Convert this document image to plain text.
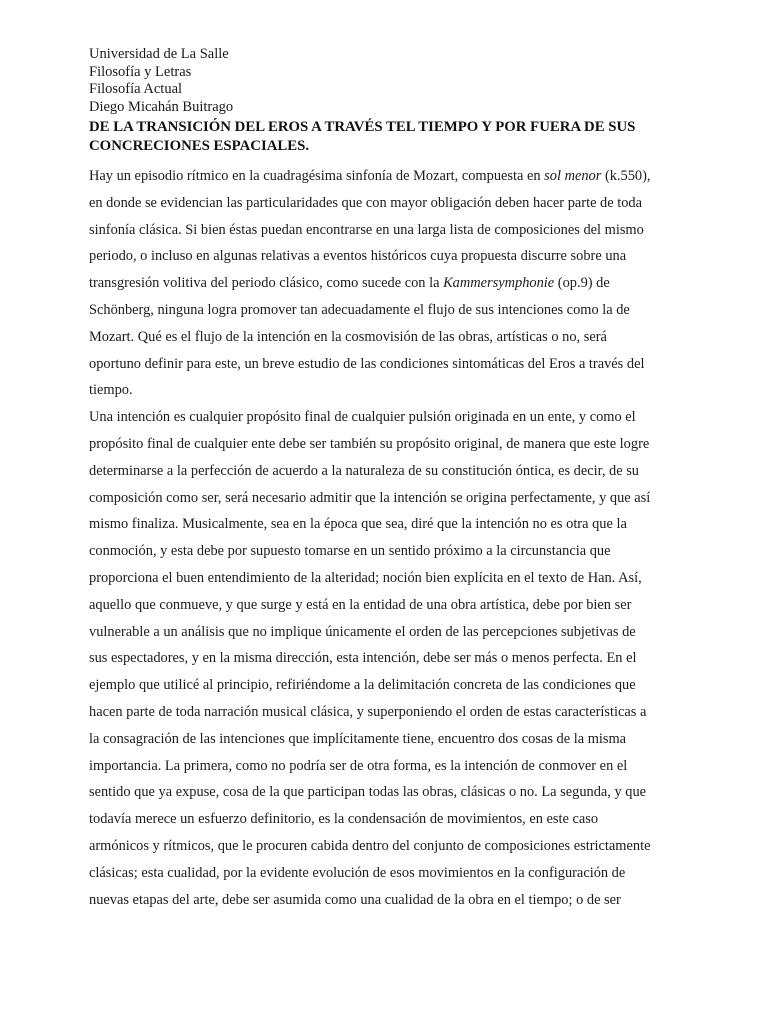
Universidad de La Salle
Filosofía y Letras
Filosofía Actual
Diego Micahán Buitrago
DE LA TRANSICIÓN DEL EROS A TRAVÉS TEL TIEMPO Y POR FUERA DE SUS
CONCRECIONES ESPACIALES.

Hay un episodio rítmico en la cuadragésima sinfonía de Mozart, compuesta en sol menor (k.550),
en donde se evidencian las particularidades que con mayor obligación deben hacer parte de toda
sinfonía clásica. Si bien éstas puedan encontrarse en una larga lista de composiciones del mismo
periodo, o incluso en algunas relativas a eventos históricos cuya propuesta discurre sobre una
transgresión volitiva del periodo clásico, como sucede con la Kammersymphonie (op.9) de
Schönberg, ninguna logra promover tan adecuadamente el flujo de sus intenciones como la de
Mozart. Qué es el flujo de la intención en la cosmovisión de las obras, artísticas o no, será
oportuno definir para este, un breve estudio de las condiciones sintomáticas del Eros a través del
tiempo.

Una intención es cualquier propósito final de cualquier pulsión originada en un ente, y como el
propósito final de cualquier ente debe ser también su propósito original, de manera que este logre
determinarse a la perfección de acuerdo a la naturaleza de su constitución óntica, es decir, de su
composición como ser, será necesario admitir que la intención se origina perfectamente, y que así
mismo finaliza. Musicalmente, sea en la época que sea, diré que la intención no es otra que la
conmoción, y esta debe por supuesto tomarse en un sentido próximo a la circunstancia que
proporciona el buen entendimiento de la alteridad; noción bien explícita en el texto de Han. Así,
aquello que conmueve, y que surge y está en la entidad de una obra artística, debe por bien ser
vulnerable a un análisis que no implique únicamente el orden de las percepciones subjetivas de
sus espectadores, y en la misma dirección, esta intención, debe ser más o menos perfecta. En el
ejemplo que utilicé al principio, refiriéndome a la delimitación concreta de las condiciones que
hacen parte de toda narración musical clásica, y superponiendo el orden de estas características a
la consagración de las intenciones que implícitamente tiene, encuentro dos cosas de la misma
importancia. La primera, como no podría ser de otra forma, es la intención de conmover en el
sentido que ya expuse, cosa de la que participan todas las obras, clásicas o no. La segunda, y que
todavía merece un esfuerzo definitorio, es la condensación de movimientos, en este caso
armónicos y rítmicos, que le procuren cabida dentro del conjunto de composiciones estrictamente
clásicas; esta cualidad, por la evidente evolución de esos movimientos en la configuración de
nuevas etapas del arte, debe ser asumida como una cualidad de la obra en el tiempo; o de ser
